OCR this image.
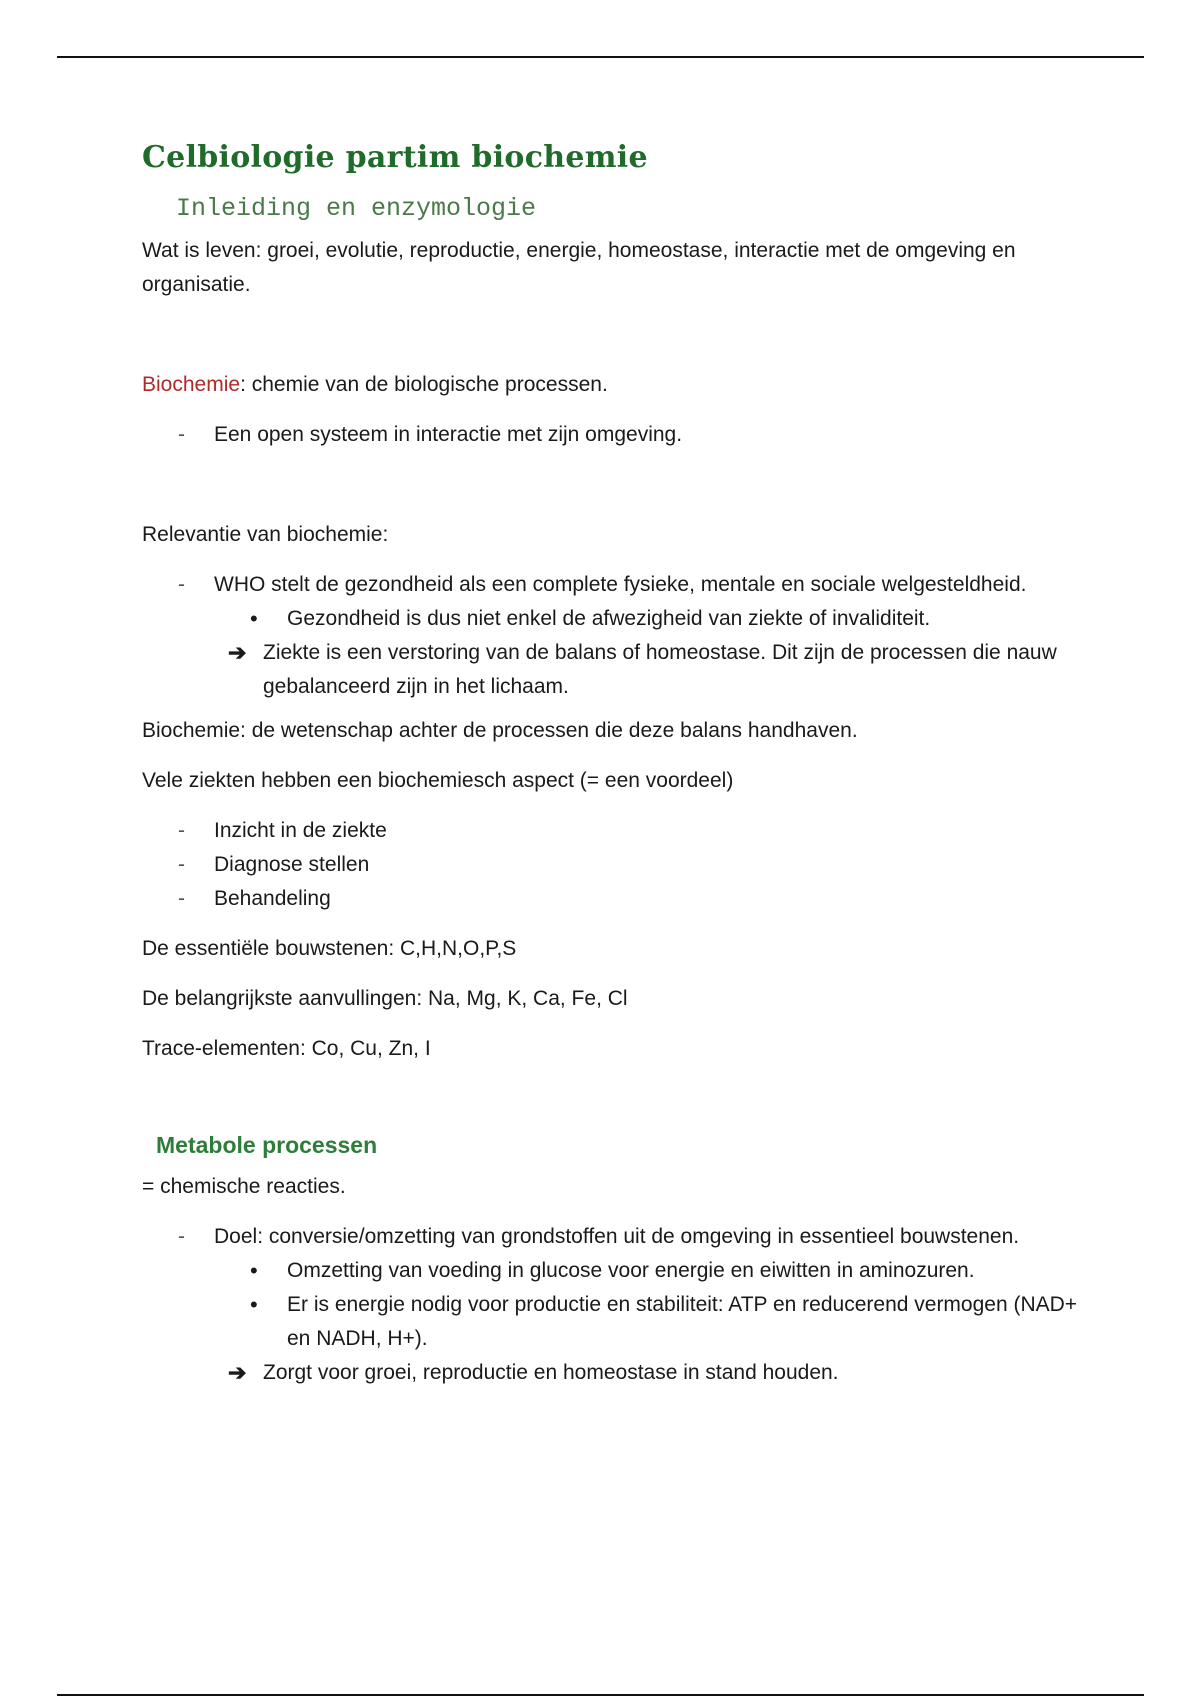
Celbiologie partim biochemie
Inleiding en enzymologie

Wat is leven: groei, evolutie, reproductie, energie, homeostase, interactie met de omgeving en organisatie.

Biochemie: chemie van de biologische processen.

- Een open systeem in interactie met zijn omgeving.

Relevantie van biochemie:

- WHO stelt de gezondheid als een complete fysieke, mentale en sociale welgesteldheid.
• Gezondheid is dus niet enkel de afwezigheid van ziekte of invaliditeit.
➔ Ziekte is een verstoring van de balans of homeostase. Dit zijn de processen die nauw gebalanceerd zijn in het lichaam.

Biochemie: de wetenschap achter de processen die deze balans handhaven.

Vele ziekten hebben een biochemiesch aspect (= een voordeel)

- Inzicht in de ziekte
- Diagnose stellen
- Behandeling

De essentiële bouwstenen: C,H,N,O,P,S

De belangrijkste aanvullingen: Na, Mg, K, Ca, Fe, Cl

Trace-elementen: Co, Cu, Zn, I

Metabole processen

= chemische reacties.

- Doel: conversie/omzetting van grondstoffen uit de omgeving in essentieel bouwstenen.
• Omzetting van voeding in glucose voor energie en eiwitten in aminozuren.
• Er is energie nodig voor productie en stabiliteit: ATP en reducerend vermogen (NAD+ en NADH, H+).
➔ Zorgt voor groei, reproductie en homeostase in stand houden.
